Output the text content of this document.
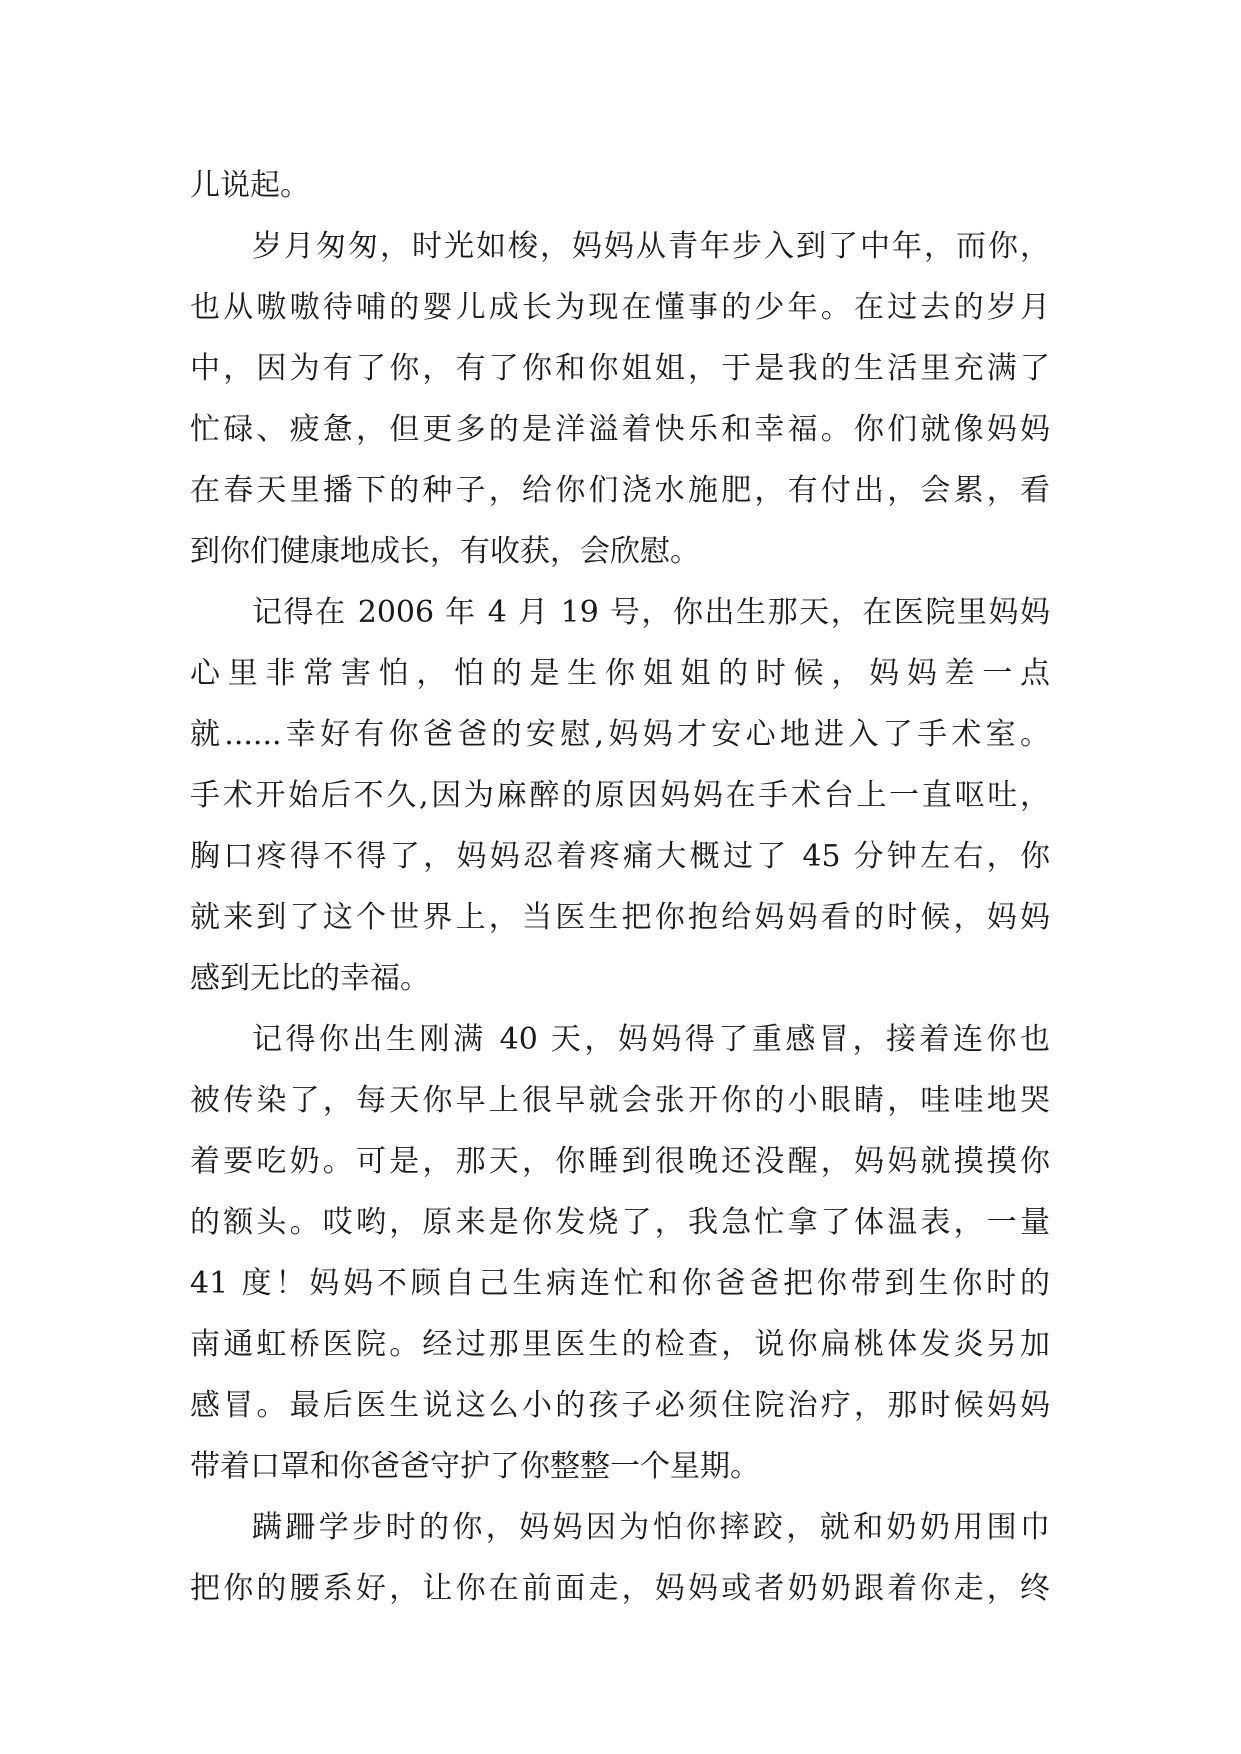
儿说起。
岁月匆匆，时光如梭，妈妈从青年步入到了中年，而你，
也从嗷嗷待哺的婴儿成长为现在懂事的少年。在过去的岁月
中，因为有了你，有了你和你姐姐，于是我的生活里充满了
忙碌、疲惫，但更多的是洋溢着快乐和幸福。你们就像妈妈
在春天里播下的种子，给你们浇水施肥，有付出，会累，看
到你们健康地成长，有收获，会欣慰。
记得在 2006 年 4 月 19 号，你出生那天，在医院里妈妈
心里非常害怕，怕的是生你姐姐的时候，妈妈差一点
就......幸好有你爸爸的安慰,妈妈才安心地进入了手术室。
手术开始后不久,因为麻醉的原因妈妈在手术台上一直呕吐，
胸口疼得不得了，妈妈忍着疼痛大概过了 45 分钟左右，你
就来到了这个世界上，当医生把你抱给妈妈看的时候，妈妈
感到无比的幸福。
记得你出生刚满 40 天，妈妈得了重感冒，接着连你也
被传染了，每天你早上很早就会张开你的小眼睛，哇哇地哭
着要吃奶。可是，那天，你睡到很晚还没醒，妈妈就摸摸你
的额头。哎哟，原来是你发烧了，我急忙拿了体温表，一量
41 度！妈妈不顾自己生病连忙和你爸爸把你带到生你时的
南通虹桥医院。经过那里医生的检查，说你扁桃体发炎另加
感冒。最后医生说这么小的孩子必须住院治疗，那时候妈妈
带着口罩和你爸爸守护了你整整一个星期。
蹒跚学步时的你，妈妈因为怕你摔跤，就和奶奶用围巾
把你的腰系好，让你在前面走，妈妈或者奶奶跟着你走，终
